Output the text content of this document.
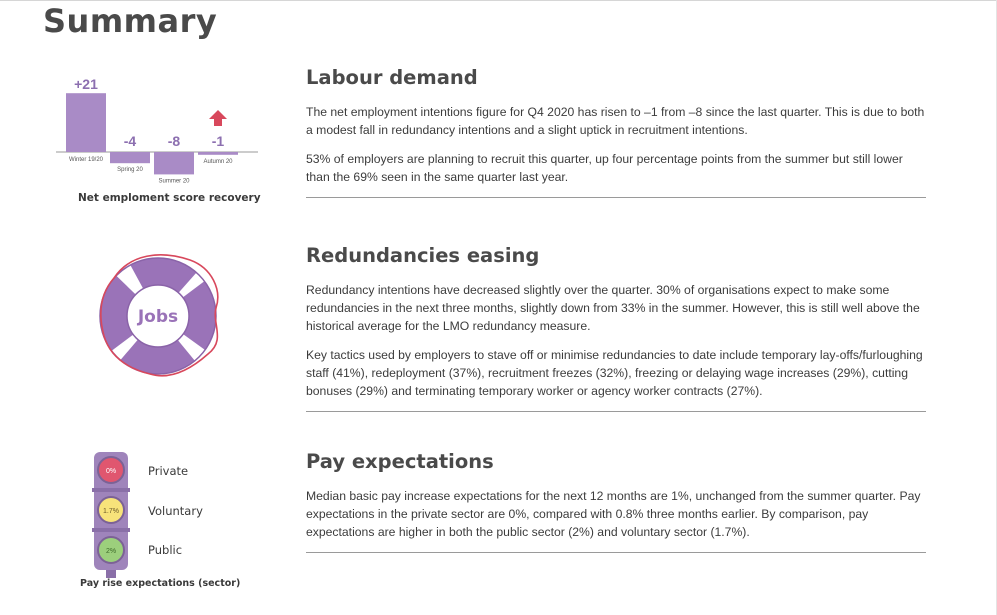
Summary
Labour demand

The net employment intentions figure for Q4 2020 has risen to –1 from –8 since the last quarter. This is due to both a modest fall in redundancy intentions and a slight uptick in recruitment intentions.

53% of employers are planning to recruit this quarter, up four percentage points from the summer but still lower than the 69% seen in the same quarter last year.

Redundancies easing

Redundancy intentions have decreased slightly over the quarter. 30% of organisations expect to make some redundancies in the next three months, slightly down from 33% in the summer. However, this is still well above the historical average for the LMO redundancy measure.

Key tactics used by employers to stave off or minimise redundancies to date include temporary lay-offs/furloughing staff (41%), redeployment (37%), recruitment freezes (32%), freezing or delaying wage increases (29%), cutting bonuses (29%) and terminating temporary worker or agency worker contracts (27%).

Pay expectations

Median basic pay increase expectations for the next 12 months are 1%, unchanged from the summer quarter. Pay expectations in the private sector are 0%, compared with 0.8% three months earlier. By comparison, pay expectations are higher in both the public sector (2%) and voluntary sector (1.7%).

+21
Winter 19/20
-4
Spring 20
-8
Summer 20
-1
Autumn 20
Net emploment score recovery
Jobs
0%
1.7%
2%
Private
Voluntary
Public
Pay rise expectations (sector)
